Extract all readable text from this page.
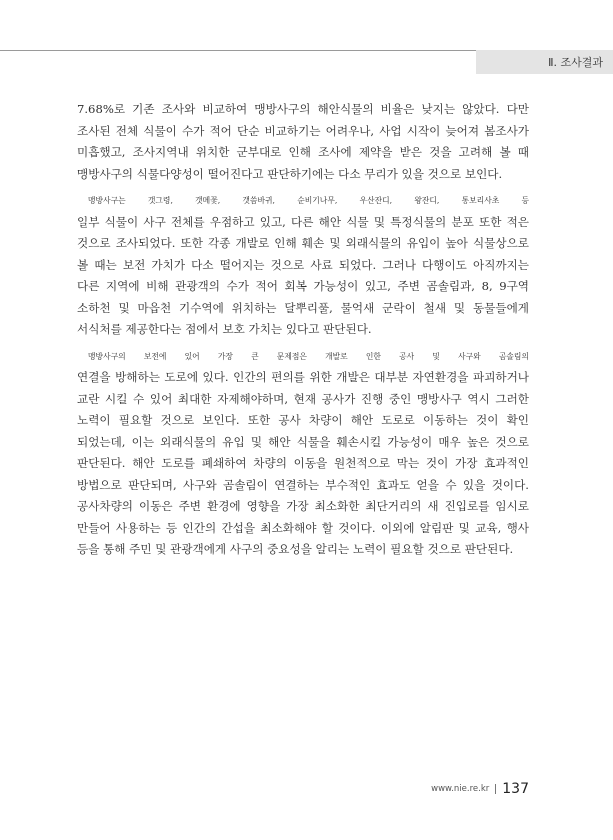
Ⅱ. 조사결과

7.68%로 기존 조사와 비교하여 맹방사구의 해안식물의 비율은 낮지는 않았다. 다만
조사된 전체 식물이 수가 적어 단순 비교하기는 어려우나, 사업 시작이 늦어져 봄조사가
미흡했고, 조사지역내 위치한 군부대로 인해 조사에 제약을 받은 것을 고려해 볼 때
맹방사구의 식물다양성이 떨어진다고 판단하기에는 다소 무리가 있을 것으로 보인다.

맹방사구는 갯그령, 갯메꽃, 갯씀바귀, 순비기나무, 우산잔디, 왕잔디, 통보리사초 등
일부 식물이 사구 전체를 우점하고 있고, 다른 해안 식물 및 특정식물의 분포 또한 적은
것으로 조사되었다. 또한 각종 개발로 인해 훼손 및 외래식물의 유입이 높아 식물상으로
볼 때는 보전 가치가 다소 떨어지는 것으로 사료 되었다. 그러나 다행이도 아직까지는
다른 지역에 비해 관광객의 수가 적어 회복 가능성이 있고, 주변 곰솔림과, 8, 9구역
소하천 및 마읍천 기수역에 위치하는 달뿌리풀, 물억새 군락이 철새 및 동물들에게
서식처를 제공한다는 점에서 보호 가치는 있다고 판단된다.

맹방사구의 보전에 있어 가장 큰 문제점은 개발로 인한 공사 및 사구와 곰솔림의
연결을 방해하는 도로에 있다. 인간의 편의를 위한 개발은 대부분 자연환경을 파괴하거나
교란 시킬 수 있어 최대한 자제해야하며, 현재 공사가 진행 중인 맹방사구 역시 그러한
노력이 필요할 것으로 보인다. 또한 공사 차량이 해안 도로로 이동하는 것이 확인
되었는데, 이는 외래식물의 유입 및 해안 식물을 훼손시킬 가능성이 매우 높은 것으로
판단된다. 해안 도로를 폐쇄하여 차량의 이동을 원천적으로 막는 것이 가장 효과적인
방법으로 판단되며, 사구와 곰솔림이 연결하는 부수적인 효과도 얻을 수 있을 것이다.
공사차량의 이동은 주변 환경에 영향을 가장 최소화한 최단거리의 새 진입로를 임시로
만들어 사용하는 등 인간의 간섭을 최소화해야 할 것이다. 이외에 알림판 및 교육, 행사
등을 통해 주민 및 관광객에게 사구의 중요성을 알리는 노력이 필요할 것으로 판단된다.

www.nie.re.kr 137
